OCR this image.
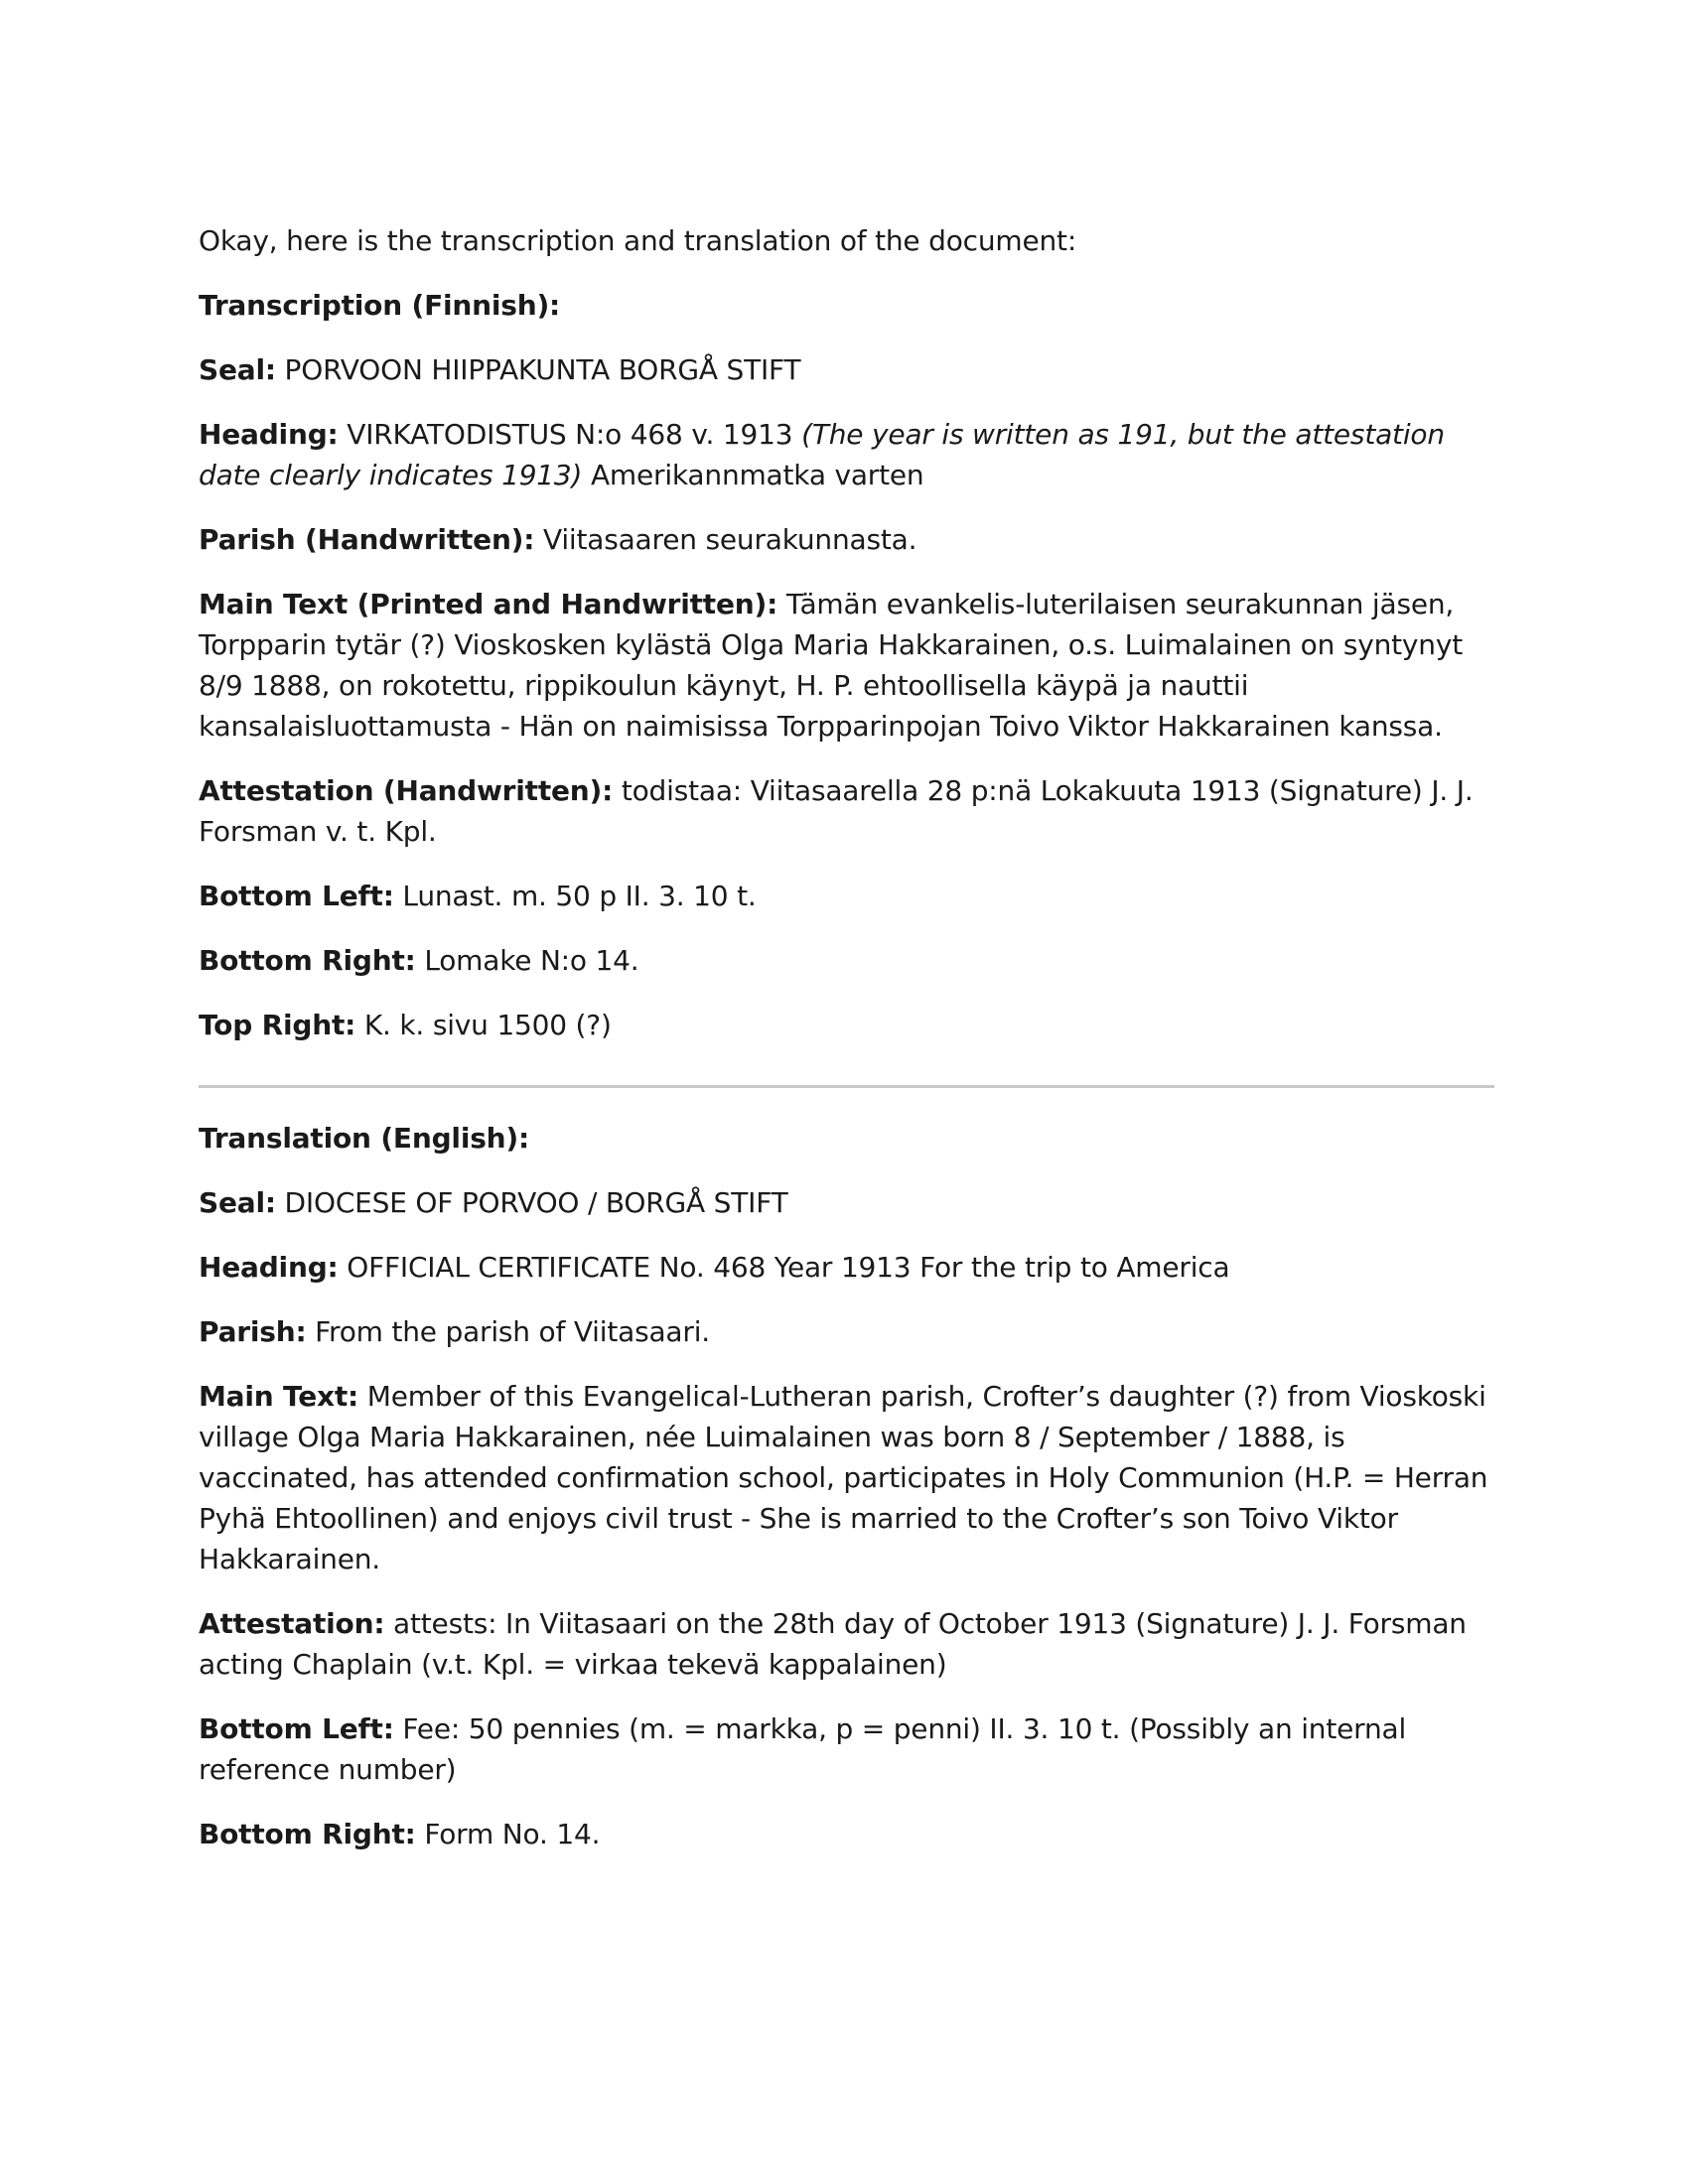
Okay, here is the transcription and translation of the document:

Transcription (Finnish):

Seal: PORVOON HIIPPAKUNTA BORGÅ STIFT

Heading: VIRKATODISTUS N:o 468 v. 1913 (The year is written as 191, but the attestation date clearly indicates 1913) Amerikannmatka varten

Parish (Handwritten): Viitasaaren seurakunnasta.

Main Text (Printed and Handwritten): Tämän evankelis-luterilaisen seurakunnan jäsen, Torpparin tytär (?) Vioskosken kylästä Olga Maria Hakkarainen, o.s. Luimalainen on syntynyt 8/9 1888, on rokotettu, rippikoulun käynyt, H. P. ehtoollisella käypä ja nauttii kansalaisluottamusta - Hän on naimisissa Torpparinpojan Toivo Viktor Hakkarainen kanssa.

Attestation (Handwritten): todistaa: Viitasaarella 28 p:nä Lokakuuta 1913 (Signature) J. J. Forsman v. t. Kpl.

Bottom Left: Lunast. m. 50 p II. 3. 10 t.

Bottom Right: Lomake N:o 14.

Top Right: K. k. sivu 1500 (?)

Translation (English):

Seal: DIOCESE OF PORVOO / BORGÅ STIFT

Heading: OFFICIAL CERTIFICATE No. 468 Year 1913 For the trip to America

Parish: From the parish of Viitasaari.

Main Text: Member of this Evangelical-Lutheran parish, Crofter’s daughter (?) from Vioskoski village Olga Maria Hakkarainen, née Luimalainen was born 8 / September / 1888, is vaccinated, has attended confirmation school, participates in Holy Communion (H.P. = Herran Pyhä Ehtoollinen) and enjoys civil trust - She is married to the Crofter’s son Toivo Viktor Hakkarainen.

Attestation: attests: In Viitasaari on the 28th day of October 1913 (Signature) J. J. Forsman acting Chaplain (v.t. Kpl. = virkaa tekevä kappalainen)

Bottom Left: Fee: 50 pennies (m. = markka, p = penni) II. 3. 10 t. (Possibly an internal reference number)

Bottom Right: Form No. 14.
